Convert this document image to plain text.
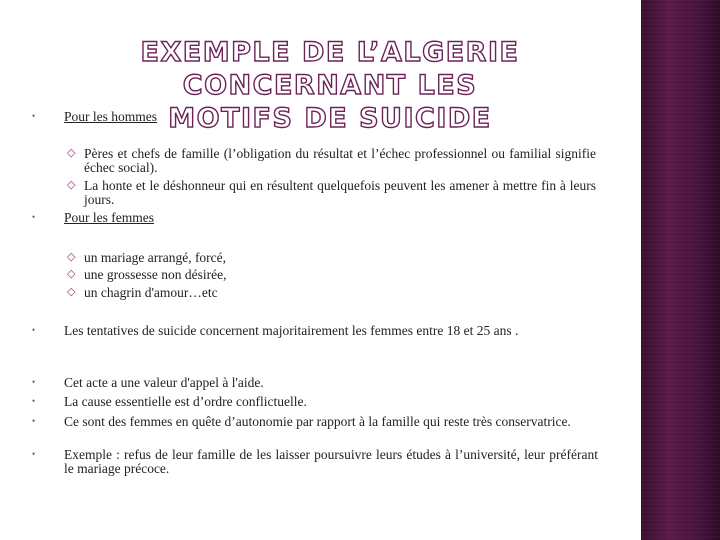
EXEMPLE DE L’ALGERIE CONCERNANT LES
MOTIFS DE SUICIDE
• Pour les hommes
◇ Pères et chefs de famille (l’obligation du résultat et l’échec professionnel ou familial signifie échec social).
◇ La honte et le déshonneur qui en résultent quelquefois peuvent les amener à mettre fin à leurs jours.
• Pour les femmes
◇ un mariage arrangé, forcé,
◇ une grossesse non désirée,
◇ un chagrin d'amour…etc
• Les tentatives de suicide concernent majoritairement les femmes entre 18 et 25 ans .
• Cet acte a une valeur d'appel à l'aide.
• La cause essentielle est d’ordre conflictuelle.
• Ce sont des femmes en quête d’autonomie par rapport à la famille qui reste très conservatrice.
• Exemple : refus de leur famille de les laisser poursuivre leurs études à l’université, leur préférant le mariage précoce.
